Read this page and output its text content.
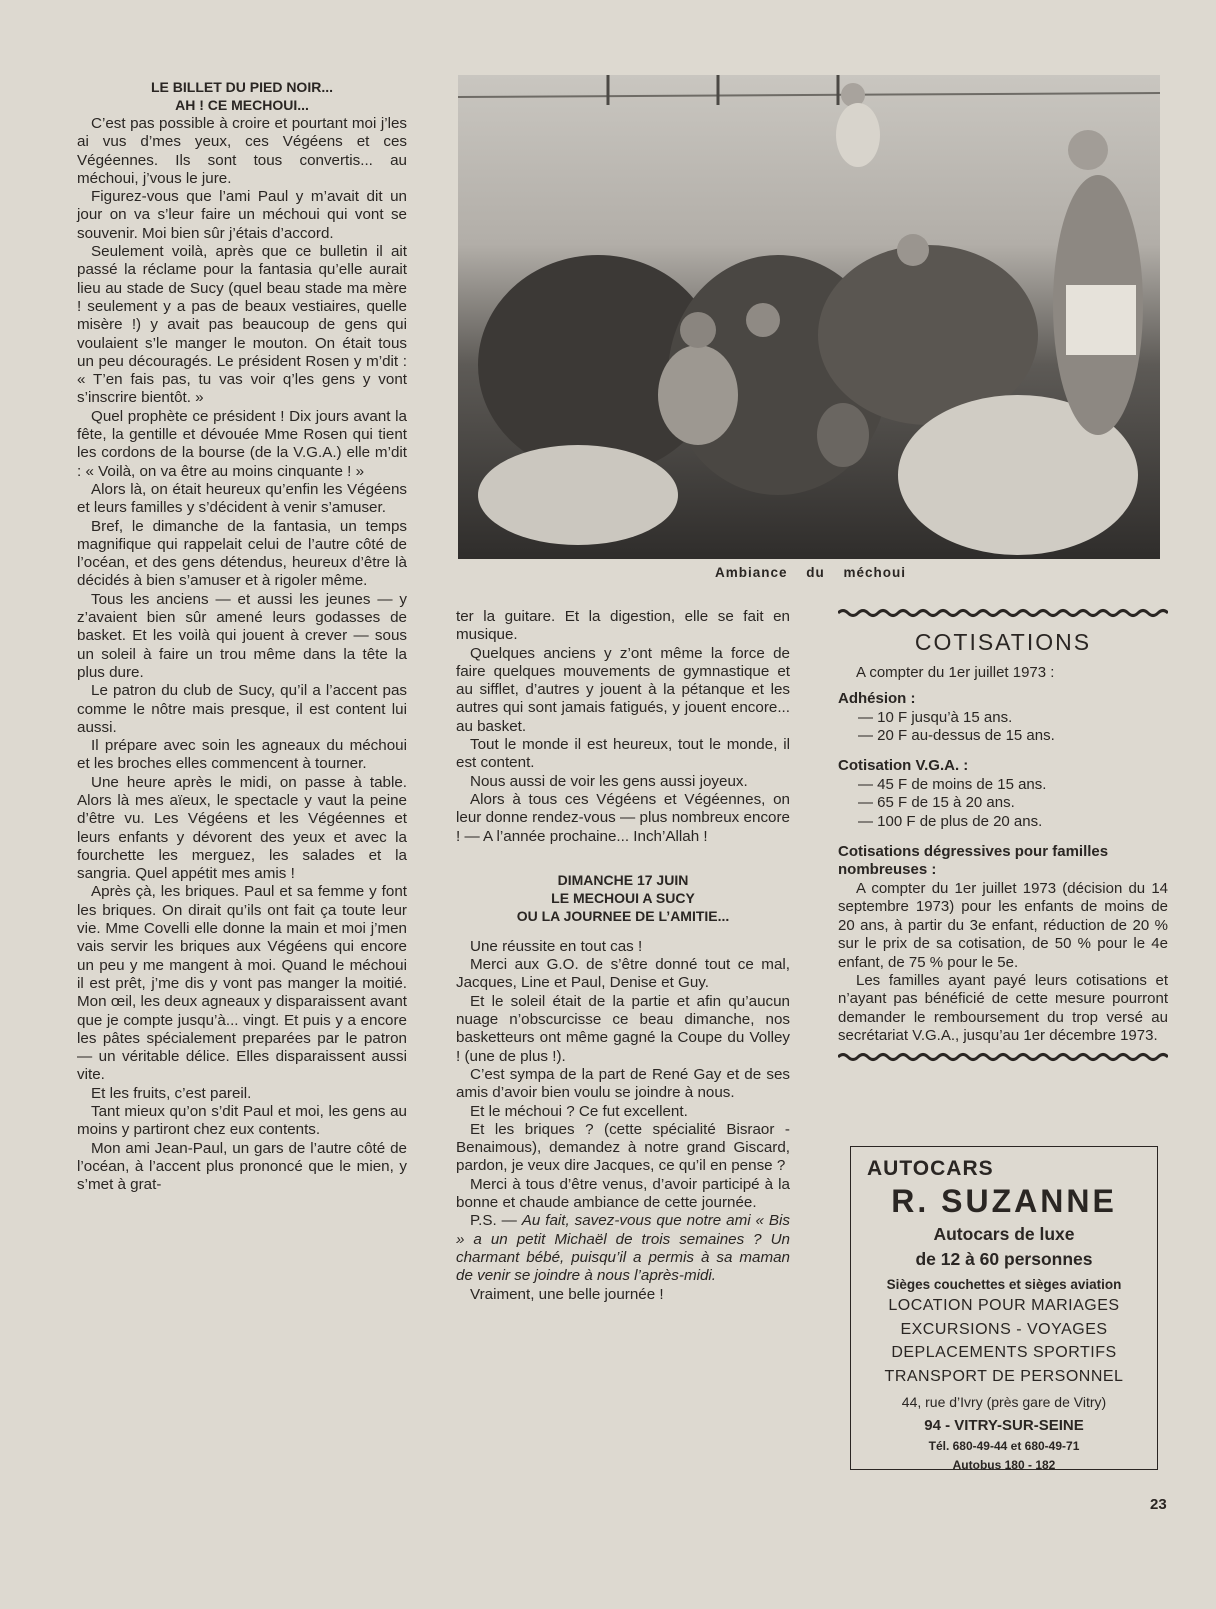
LE BILLET DU PIED NOIR...
AH ! CE MECHOUI...

C’est pas possible à croire et pourtant moi j’les ai vus d’mes yeux, ces Végéens et ces Végéennes. Ils sont tous convertis... au méchoui, j’vous le jure.

Figurez-vous que l’ami Paul y m’avait dit un jour on va s’leur faire un méchoui qui vont se souvenir. Moi bien sûr j’étais d’accord.

Seulement voilà, après que ce bulletin il ait passé la réclame pour la fantasia qu’elle aurait lieu au stade de Sucy (quel beau stade ma mère ! seulement y a pas de beaux vestiaires, quelle misère !) y avait pas beaucoup de gens qui voulaient s’le manger le mouton. On était tous un peu découragés. Le président Rosen y m’dit : « T’en fais pas, tu vas voir q’les gens y vont s’inscrire bientôt. »

Quel prophète ce président ! Dix jours avant la fête, la gentille et dévouée Mme Rosen qui tient les cordons de la bourse (de la V.G.A.) elle m’dit : « Voilà, on va être au moins cinquante ! »

Alors là, on était heureux qu’enfin les Végéens et leurs familles y s’décident à venir s’amuser.

Bref, le dimanche de la fantasia, un temps magnifique qui rappelait celui de l’autre côté de l’océan, et des gens détendus, heureux d’être là décidés à bien s’amuser et à rigoler même.

Tous les anciens — et aussi les jeunes — y z’avaient bien sûr amené leurs godasses de basket. Et les voilà qui jouent à crever — sous un soleil à faire un trou même dans la tête la plus dure.

Le patron du club de Sucy, qu’il a l’accent pas comme le nôtre mais presque, il est content lui aussi.

Il prépare avec soin les agneaux du méchoui et les broches elles commencent à tourner.

Une heure après le midi, on passe à table. Alors là mes aïeux, le spectacle y vaut la peine d’être vu. Les Végéens et les Végéennes et leurs enfants y dévorent des yeux et avec la fourchette les merguez, les salades et la sangria. Quel appétit mes amis !

Après çà, les briques. Paul et sa femme y font les briques. On dirait qu’ils ont fait ça toute leur vie. Mme Covelli elle donne la main et moi j’men vais servir les briques aux Végéens qui encore un peu y me mangent à moi. Quand le méchoui il est prêt, j’me dis y vont pas manger la moitié. Mon œil, les deux agneaux y disparaissent avant que je compte jusqu’à... vingt. Et puis y a encore les pâtes spécialement preparées par le patron — un véritable délice. Elles disparaissent aussi vite.

Et les fruits, c’est pareil.

Tant mieux qu’on s’dit Paul et moi, les gens au moins y partiront chez eux contents.

Mon ami Jean-Paul, un gars de l’autre côté de l’océan, à l’accent plus prononcé que le mien, y s’met à grat-

Ambiance du méchoui

ter la guitare. Et la digestion, elle se fait en musique.

Quelques anciens y z’ont même la force de faire quelques mouvements de gymnastique et au sifflet, d’autres y jouent à la pétanque et les autres qui sont jamais fatigués, y jouent encore... au basket.

Tout le monde il est heureux, tout le monde, il est content.

Nous aussi de voir les gens aussi joyeux.

Alors à tous ces Végéens et Végéennes, on leur donne rendez-vous — plus nombreux encore ! — A l’année prochaine... Inch’Allah !

DIMANCHE 17 JUIN
LE MECHOUI A SUCY
OU LA JOURNEE DE L’AMITIE...

Une réussite en tout cas !

Merci aux G.O. de s’être donné tout ce mal, Jacques, Line et Paul, Denise et Guy.

Et le soleil était de la partie et afin qu’aucun nuage n’obscurcisse ce beau dimanche, nos basketteurs ont même gagné la Coupe du Volley ! (une de plus !).

C’est sympa de la part de René Gay et de ses amis d’avoir bien voulu se joindre à nous.

Et le méchoui ? Ce fut excellent.

Et les briques ? (cette spécialité Bisraor - Benaimous), demandez à notre grand Giscard, pardon, je veux dire Jacques, ce qu’il en pense ?

Merci à tous d’être venus, d’avoir participé à la bonne et chaude ambiance de cette journée.

P.S. — Au fait, savez-vous que notre ami « Bis » a un petit Michaël de trois semaines ? Un charmant bébé, puisqu’il a permis à sa maman de venir se joindre à nous l’après-midi.

Vraiment, une belle journée !

COTISATIONS

A compter du 1er juillet 1973 :

Adhésion :
— 10 F jusqu’à 15 ans.
— 20 F au-dessus de 15 ans.
Cotisation V.G.A. :
— 45 F de moins de 15 ans.
— 65 F de 15 à 20 ans.
— 100 F de plus de 20 ans.
Cotisations dégressives pour familles nombreuses :

A compter du 1er juillet 1973 (décision du 14 septembre 1973) pour les enfants de moins de 20 ans, à partir du 3e enfant, réduction de 20 % sur le prix de sa cotisation, de 50 % pour le 4e enfant, de 75 % pour le 5e.

Les familles ayant payé leurs cotisations et n’ayant pas bénéficié de cette mesure pourront demander le remboursement du trop versé au secrétariat V.G.A., jusqu’au 1er décembre 1973.

AUTOCARS
R. SUZANNE
Autocars de luxe
de 12 à 60 personnes
Sièges couchettes et sièges aviation
LOCATION POUR MARIAGES
EXCURSIONS - VOYAGES
DEPLACEMENTS SPORTIFS
TRANSPORT DE PERSONNEL
44, rue d’Ivry (près gare de Vitry)
94 - VITRY-SUR-SEINE
Tél. 680-49-44 et 680-49-71
Autobus 180 - 182
23
